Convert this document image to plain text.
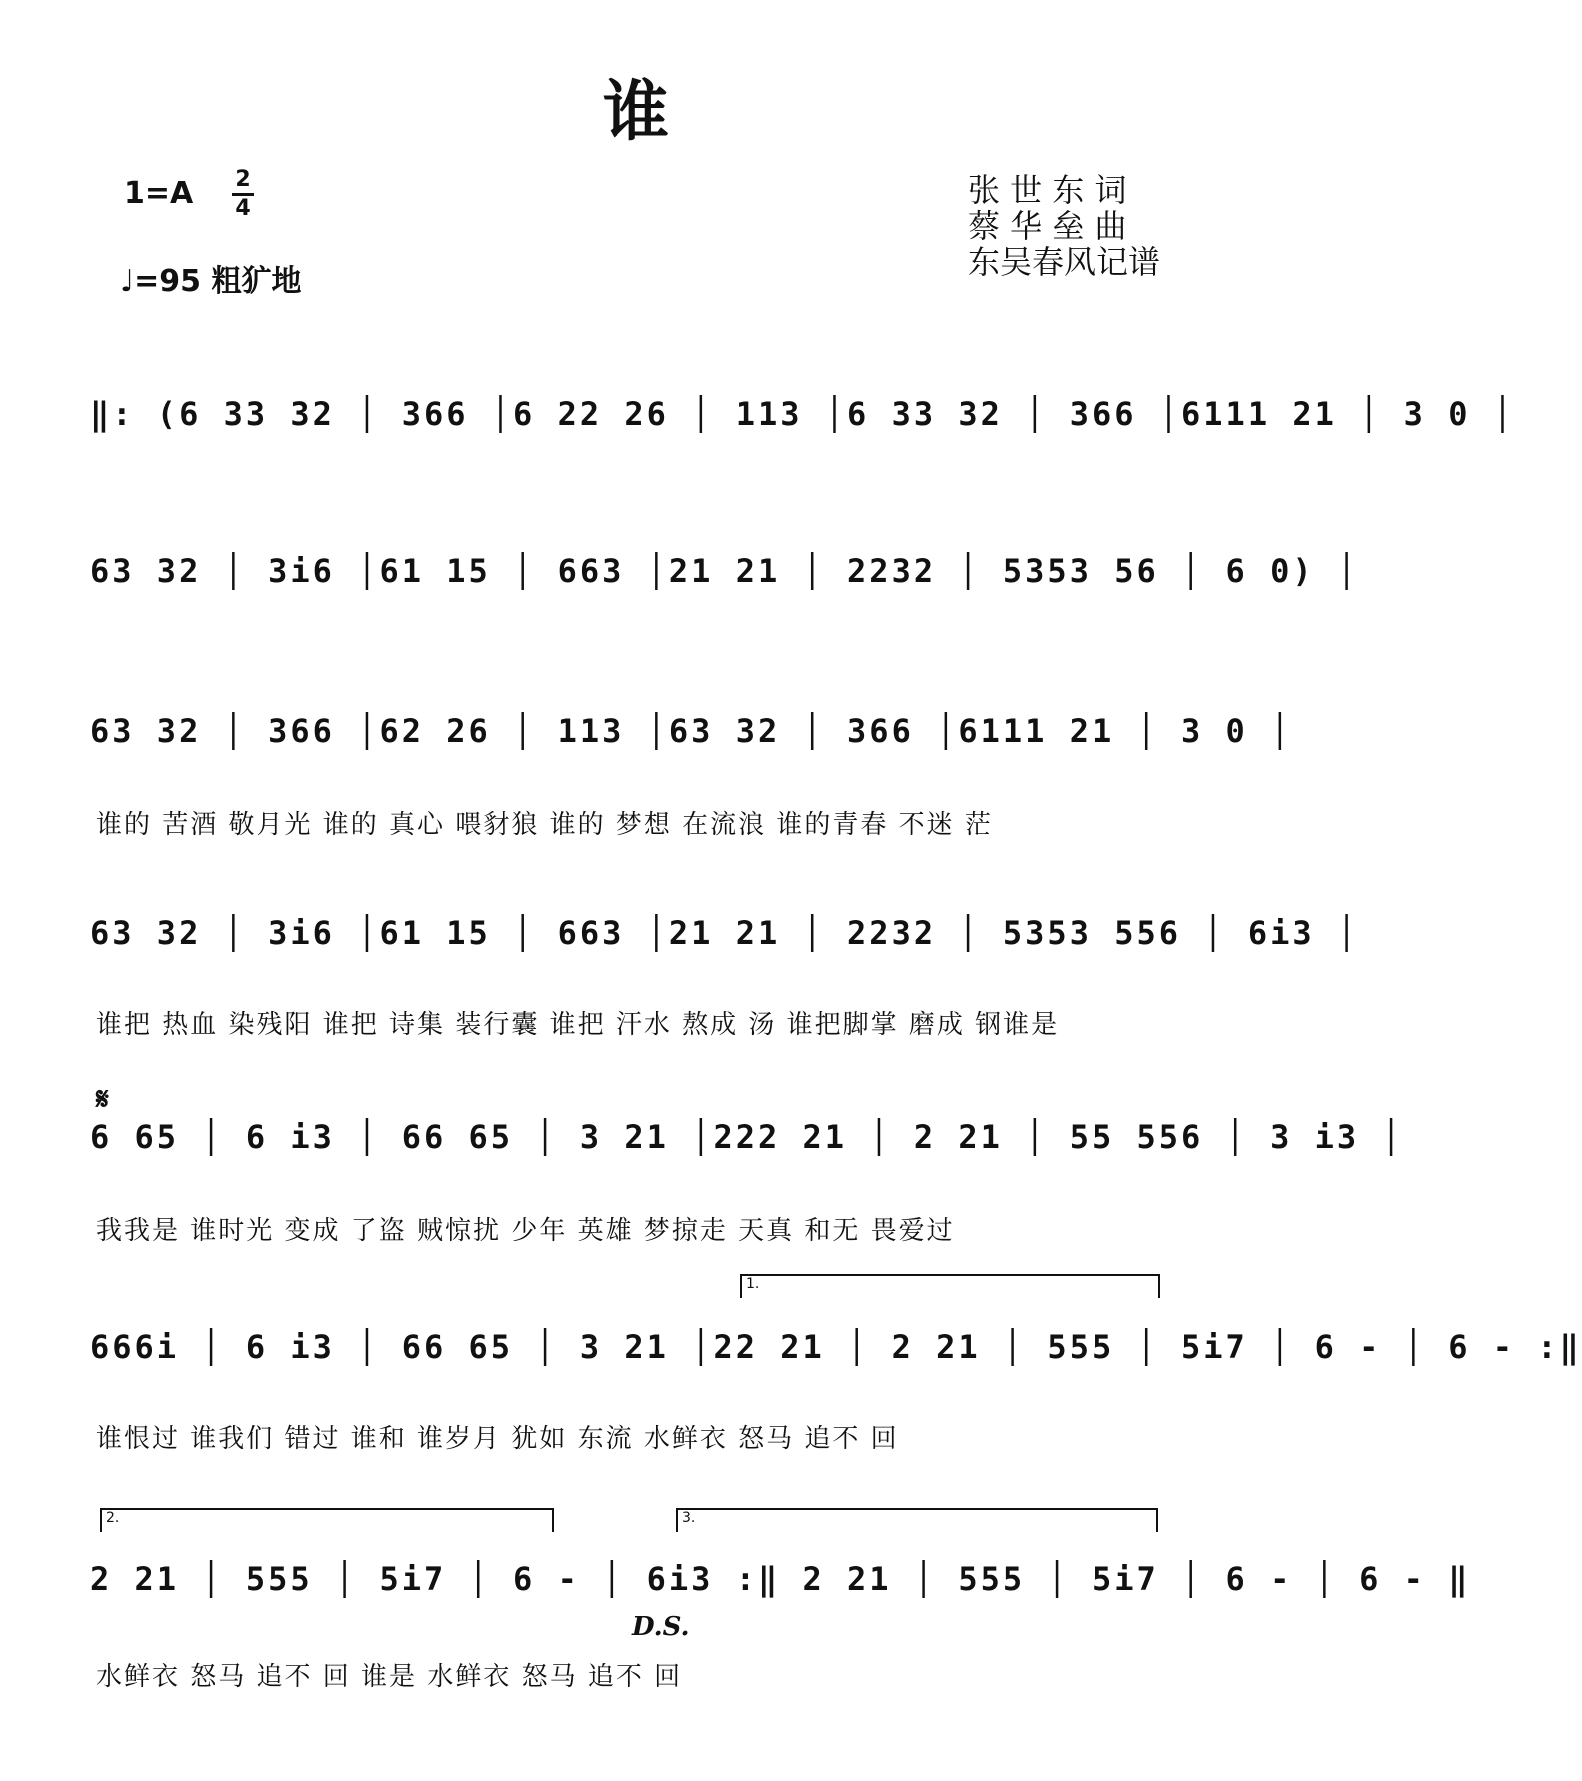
谁
1=A 2
4
♩=95 粗犷地
张 世 东 词
蔡 华 垒 曲
东吴春风记谱
‖: (6 33 32 │ 366 │6 22 26 │ 113 │6 33 32 │ 366 │6111 21 │ 3 0 │
63 32 │ 3i6 │61 15 │ 663 │21 21 │ 2232 │ 5353 56 │ 6 0) │
63 32 │ 366 │62 26 │ 113 │63 32 │ 366 │6111 21 │ 3 0 │
谁的 苦酒 敬月光 谁的 真心 喂豺狼 谁的 梦想 在流浪 谁的青春 不迷 茫
63 32 │ 3i6 │61 15 │ 663 │21 21 │ 2232 │ 5353 556 │ 6i3 │
谁把 热血 染残阳 谁把 诗集 装行囊 谁把 汗水 熬成 汤 谁把脚掌 磨成 钢谁是
𝄋
6 65 │ 6 i3 │ 66 65 │ 3 21 │222 21 │ 2 21 │ 55 556 │ 3 i3 │
我我是 谁时光 变成 了盗 贼惊扰 少年 英雄 梦掠走 天真 和无 畏爱过
1.
666i │ 6 i3 │ 66 65 │ 3 21 │22 21 │ 2 21 │ 555 │ 5i7 │ 6 - │ 6 - :‖
谁恨过 谁我们 错过 谁和 谁岁月 犹如 东流 水鲜衣 怒马 追不 回
2.	3.
2 21 │ 555 │ 5i7 │ 6 - │ 6i3 :‖ 2 21 │ 555 │ 5i7 │ 6 - │ 6 - ‖
D.S.
水鲜衣 怒马 追不 回 谁是 水鲜衣 怒马 追不 回
